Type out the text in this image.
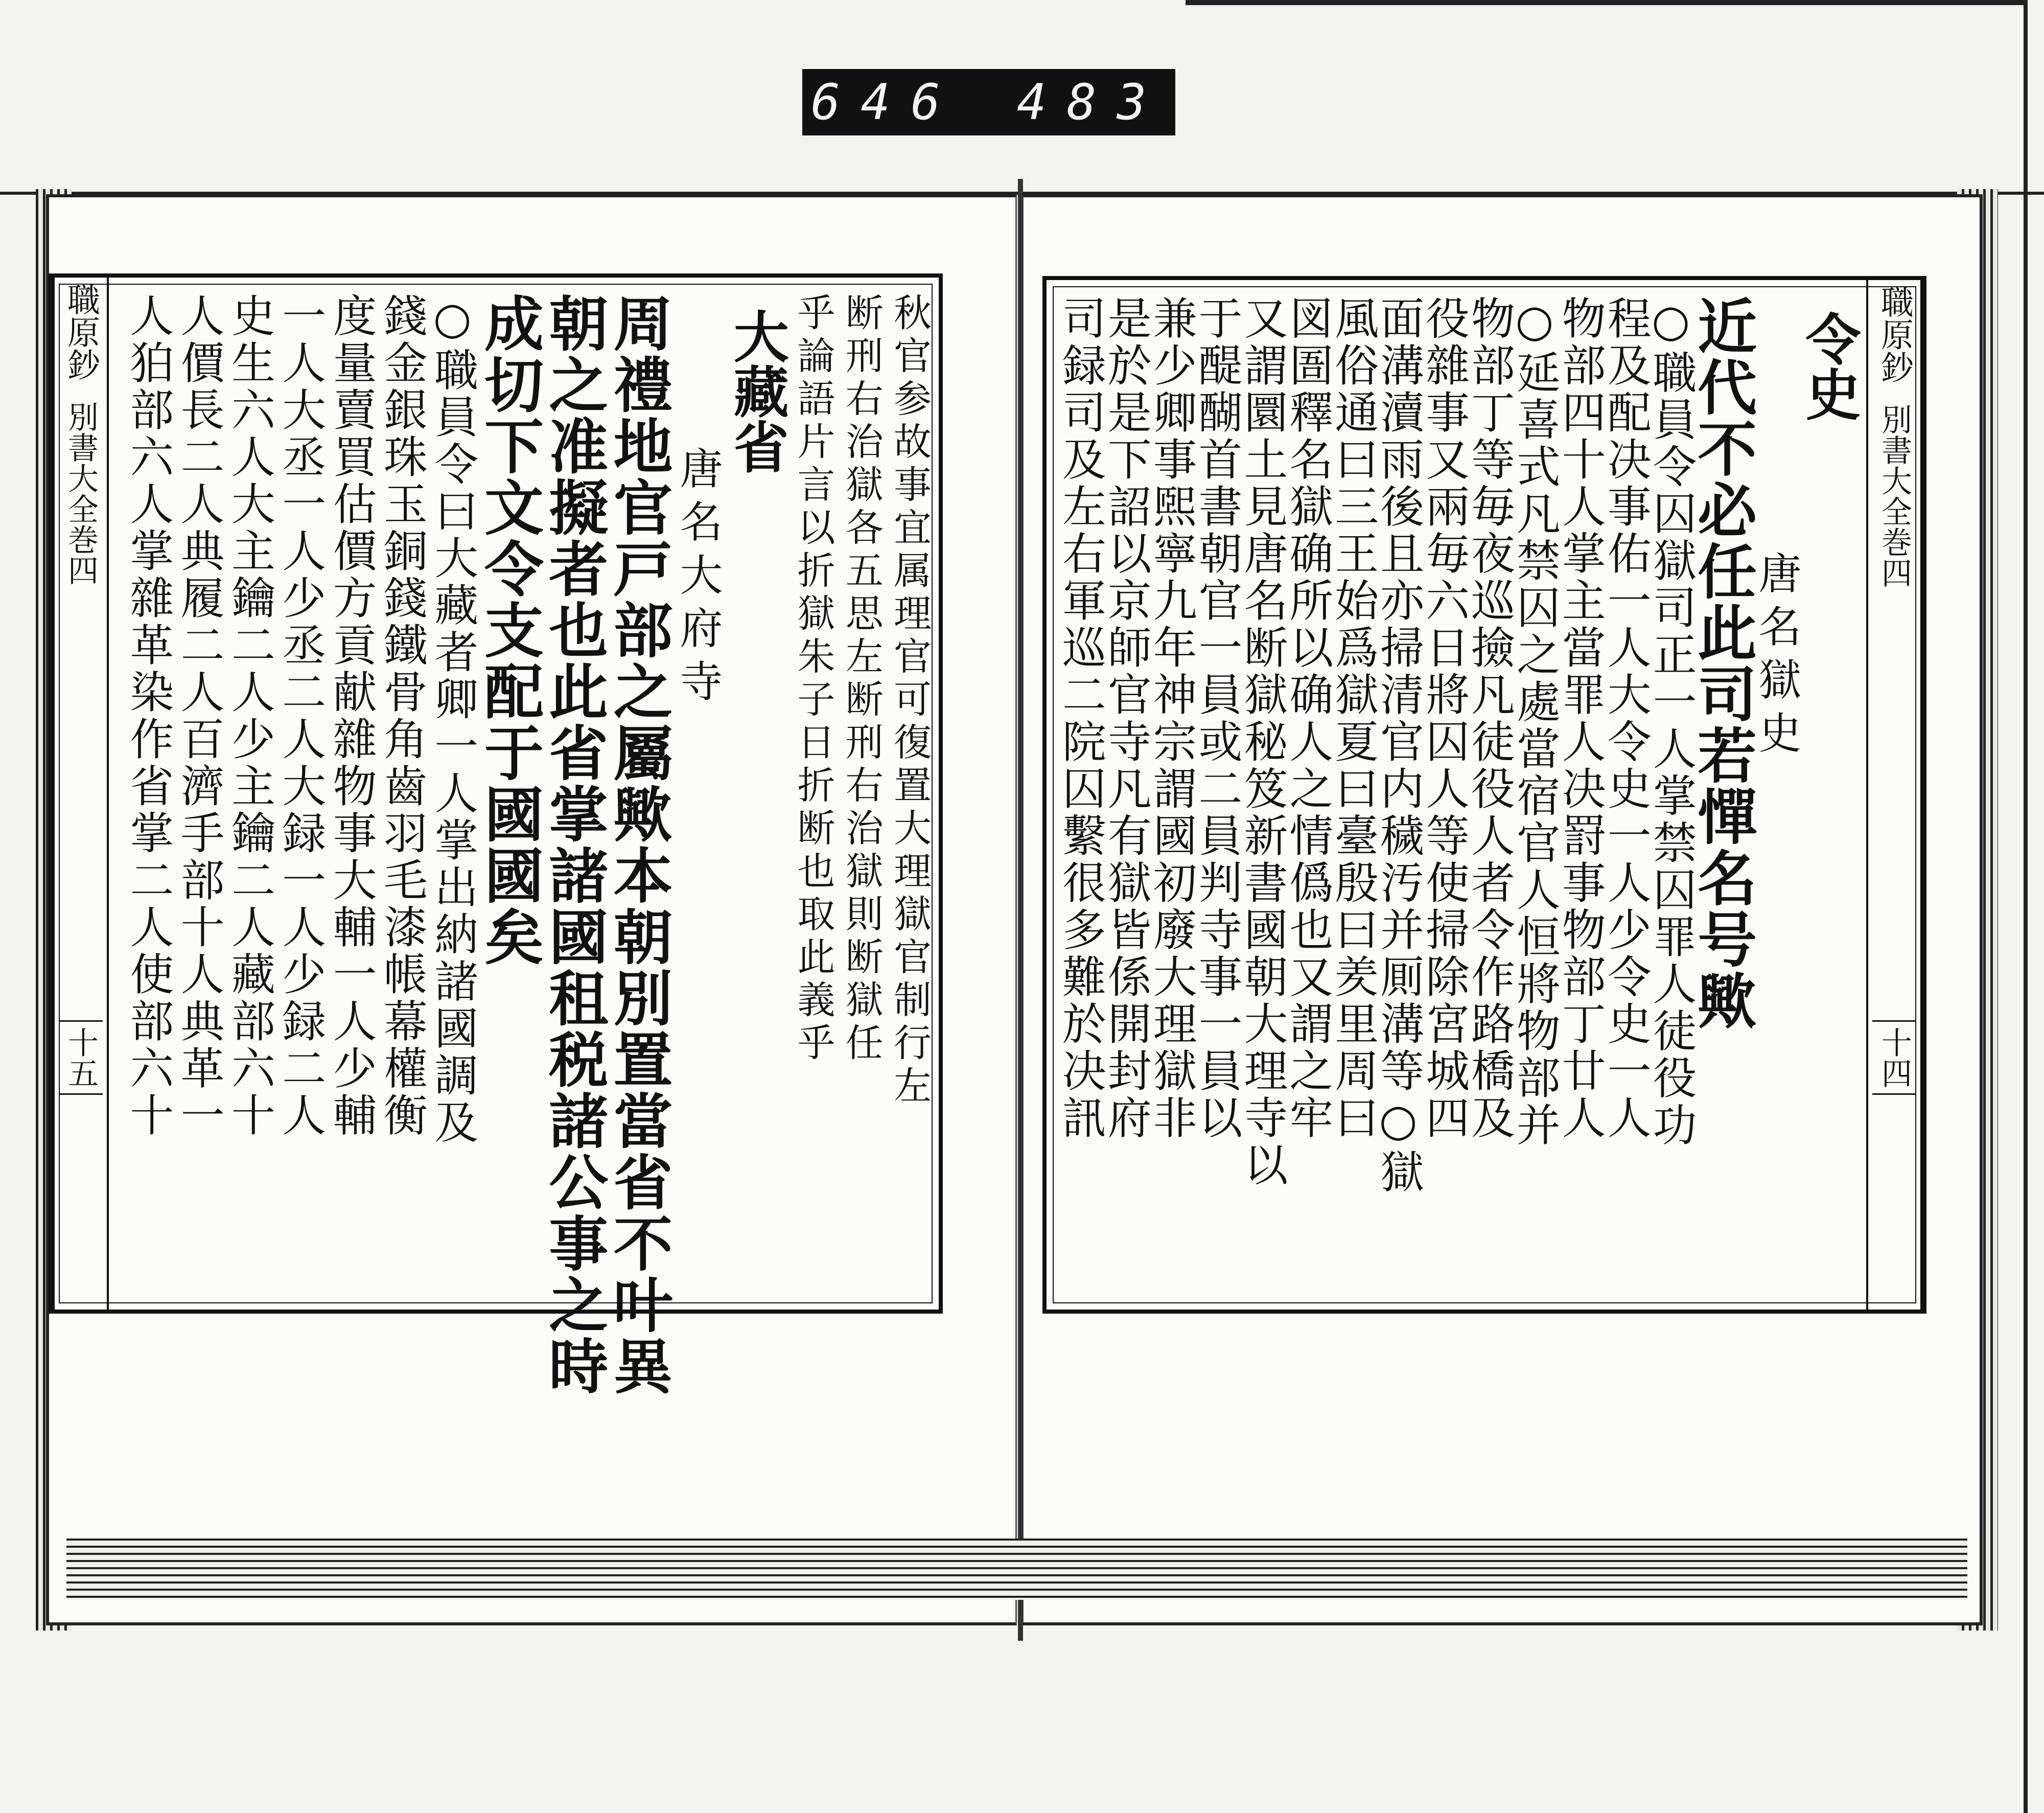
646 483
職原鈔
別書大全巻四
十五	秋官参故事宜属理官可復置大理獄官制行左
断刑右治獄各五思左断刑右治獄則断獄任
乎論語片言以折獄朱子日折断也取此義乎
大藏省
唐名大府寺
周禮地官戸部之屬歟本朝別置當省不叶異
朝之准擬者也此省掌諸國租税諸公事之時
成切下文令支配于國國矣
○職員令曰大藏者卿一人掌出納諸國調及
錢金銀珠玉銅錢鐵骨角齒羽毛漆帳幕權衡
度量賣買估價方貢献雜物事大輔一人少輔
一人大丞一人少丞二人大録一人少録二人
史生六人大主鑰二人少主鑰二人藏部六十
人價長二人典履二人百濟手部十人典革一
人狛部六人掌雜革染作省掌二人使部六十	職原鈔
別書大全巻四
十四
令史
唐名獄史
近代不必任此司若憚名号歟
○職員令囚獄司正一人掌禁囚罪人徒役功
程及配决事佑一人大令史一人少令史一人
物部四十人掌主當罪人决罸事物部丁廿人
○延喜式凡禁囚之處當宿官人恒將物部并
物部丁等毎夜巡撿凡徒役人者令作路橋及
役雜事又兩毎六日將囚人等使掃除宮城四
面溝瀆雨後且亦掃清官内穢汚并厠溝等○獄
風俗通曰三王始爲獄夏曰臺殷曰羑里周曰
図圄釋名獄确所以确人之情僞也又謂之牢
又謂圜土見唐名断獄秘笈新書國朝大理寺以
于醍醐首書朝官一員或二員判寺事一員以
兼少卿事煕寧九年神宗謂國初廢大理獄非
是於是下詔以京師官寺凡有獄皆係開封府
司録司及左右軍巡二院囚繫很多難於决訊
